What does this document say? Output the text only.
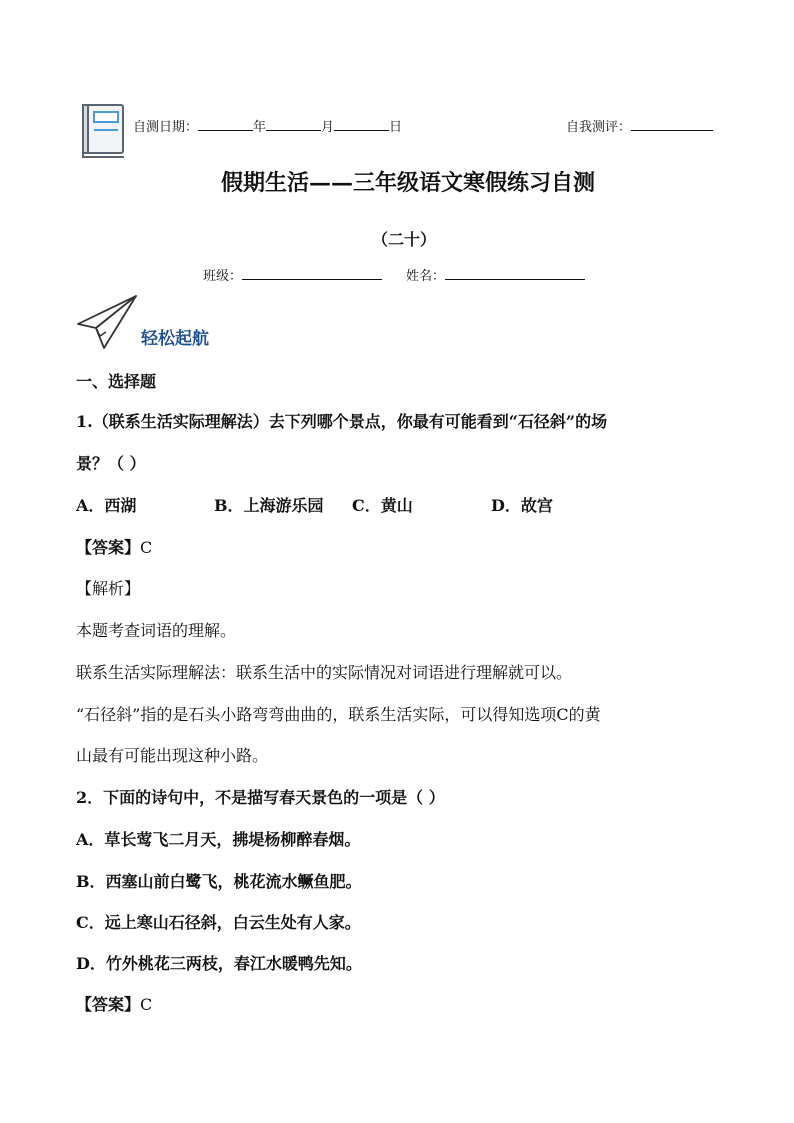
自测日期：	年	月	日	自我测评：
假期生活——三年级语文寒假练习自测
（二十）
班级：	姓名：
轻松起航
一、选择题
1.（联系生活实际理解法）去下列哪个景点，你最有可能看到“石径斜”的场
景？（ ）
A．西湖	B．上海游乐园 C．黄山	D．故宫
【答案】C
【解析】
本题考查词语的理解。
联系生活实际理解法：联系生活中的实际情况对词语进行理解就可以。
“石径斜”指的是石头小路弯弯曲曲的，联系生活实际，可以得知选项C的黄
山最有可能出现这种小路。
2．下面的诗句中，不是描写春天景色的一项是（ ）
A．草长莺飞二月天，拂堤杨柳醉春烟。
B．西塞山前白鹭飞，桃花流水鳜鱼肥。
C．远上寒山石径斜，白云生处有人家。
D．竹外桃花三两枝，春江水暖鸭先知。
【答案】C
